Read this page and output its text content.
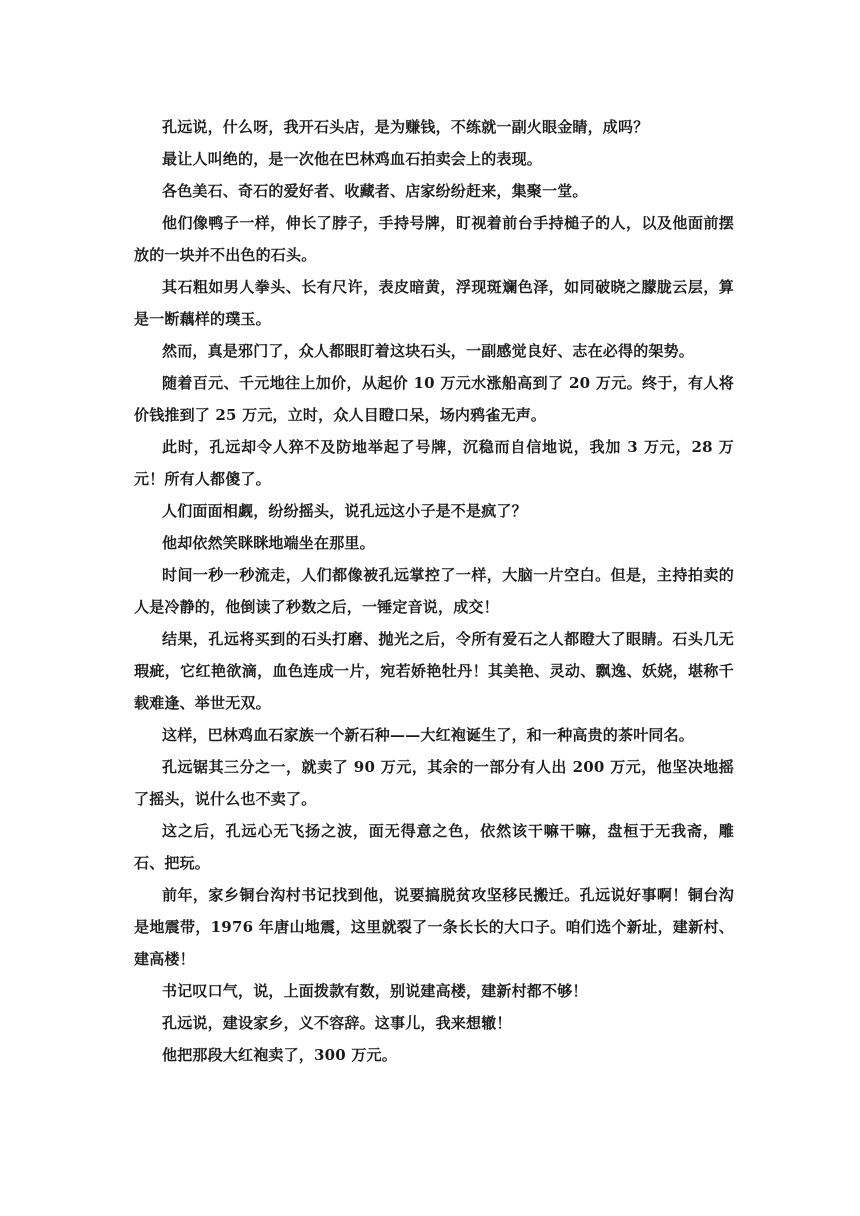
孔远说，什么呀，我开石头店，是为赚钱，不练就一副火眼金睛，成吗？

最让人叫绝的，是一次他在巴林鸡血石拍卖会上的表现。

各色美石、奇石的爱好者、收藏者、店家纷纷赶来，集聚一堂。

他们像鸭子一样，伸长了脖子，手持号牌，盯视着前台手持槌子的人，以及他面前摆放的一块并不出色的石头。

其石粗如男人拳头、长有尺许，表皮暗黄，浮现斑斓色泽，如同破晓之朦胧云层，算是一断藕样的璞玉。

然而，真是邪门了，众人都眼盯着这块石头，一副感觉良好、志在必得的架势。

随着百元、千元地往上加价，从起价 10 万元水涨船高到了 20 万元。终于，有人将价钱推到了 25 万元，立时，众人目瞪口呆，场内鸦雀无声。

此时，孔远却令人猝不及防地举起了号牌，沉稳而自信地说，我加 3 万元，28 万元！所有人都傻了。

人们面面相觑，纷纷摇头，说孔远这小子是不是疯了？

他却依然笑眯眯地端坐在那里。

时间一秒一秒流走，人们都像被孔远掌控了一样，大脑一片空白。但是，主持拍卖的人是冷静的，他倒读了秒数之后，一锤定音说，成交！

结果，孔远将买到的石头打磨、抛光之后，令所有爱石之人都瞪大了眼睛。石头几无瑕疵，它红艳欲滴，血色连成一片，宛若娇艳牡丹！其美艳、灵动、飘逸、妖娆，堪称千载难逢、举世无双。

这样，巴林鸡血石家族一个新石种——大红袍诞生了，和一种高贵的茶叶同名。

孔远锯其三分之一，就卖了 90 万元，其余的一部分有人出 200 万元，他坚决地摇了摇头，说什么也不卖了。

这之后，孔远心无飞扬之波，面无得意之色，依然该干嘛干嘛，盘桓于无我斋，雕石、把玩。

前年，家乡铜台沟村书记找到他，说要搞脱贫攻坚移民搬迁。孔远说好事啊！铜台沟是地震带，1976 年唐山地震，这里就裂了一条长长的大口子。咱们选个新址，建新村、建高楼！

书记叹口气，说，上面拨款有数，别说建高楼，建新村都不够！

孔远说，建设家乡，义不容辞。这事儿，我来想辙！

他把那段大红袍卖了，300 万元。
